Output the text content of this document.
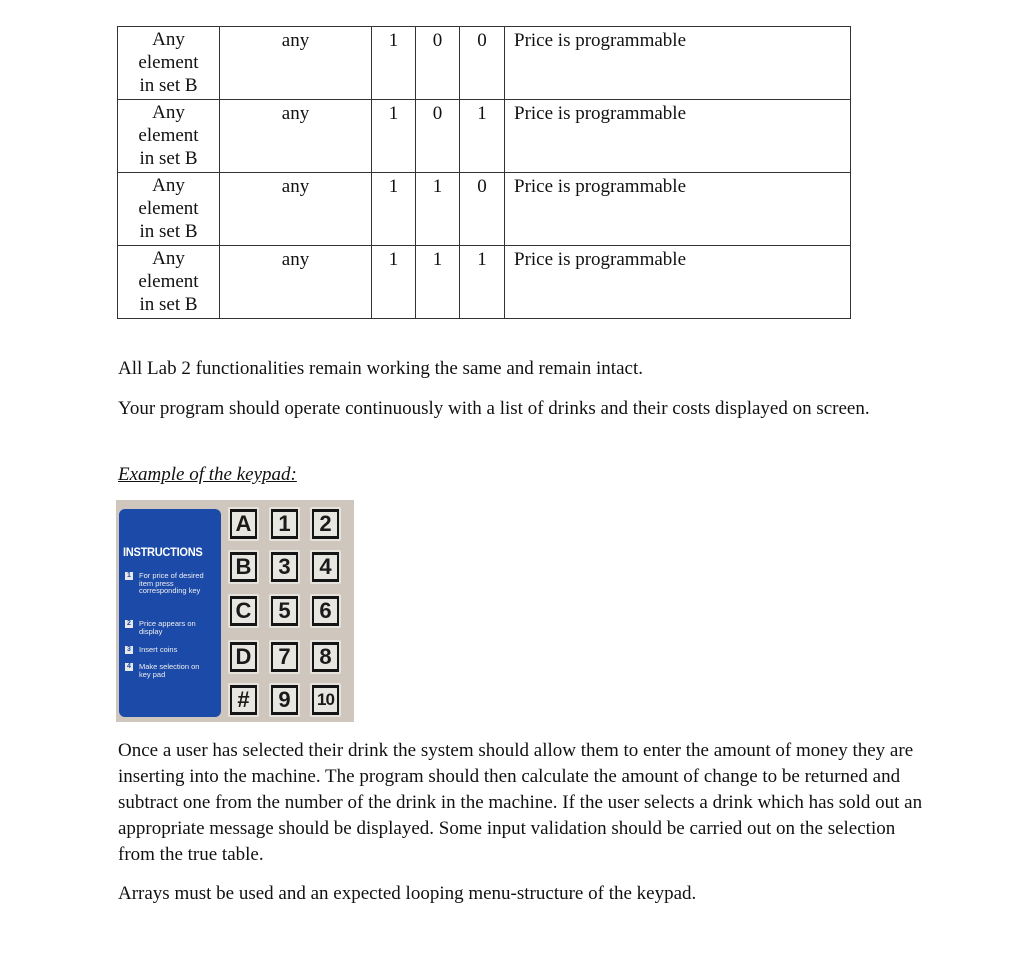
Any
element
in set B	any	1	0	0	Price is programmable

Any
element
in set B	any	1	0	1	Price is programmable

Any
element
in set B	any	1	1	0	Price is programmable

Any
element
in set B	any	1	1	1	Price is programmable

All Lab 2 functionalities remain working the same and remain intact.

Your program should operate continuously with a list of drinks and their costs displayed on screen.

Example of the keypad:

INSTRUCTIONS
1 For price of desired item press corresponding key
2 Price appears on display
3 Insert coins
4 Make selection on key pad
A 1 2
B 3 4
C 5 6
D 7 8
# 9	10

Once a user has selected their drink the system should allow them to enter the amount of money they are inserting into the machine. The program should then calculate the amount of change to be returned and subtract one from the number of the drink in the machine. If the user selects a drink which has sold out an appropriate message should be displayed. Some input validation should be carried out on the selection from the true table.

Arrays must be used and an expected looping menu-structure of the keypad.
